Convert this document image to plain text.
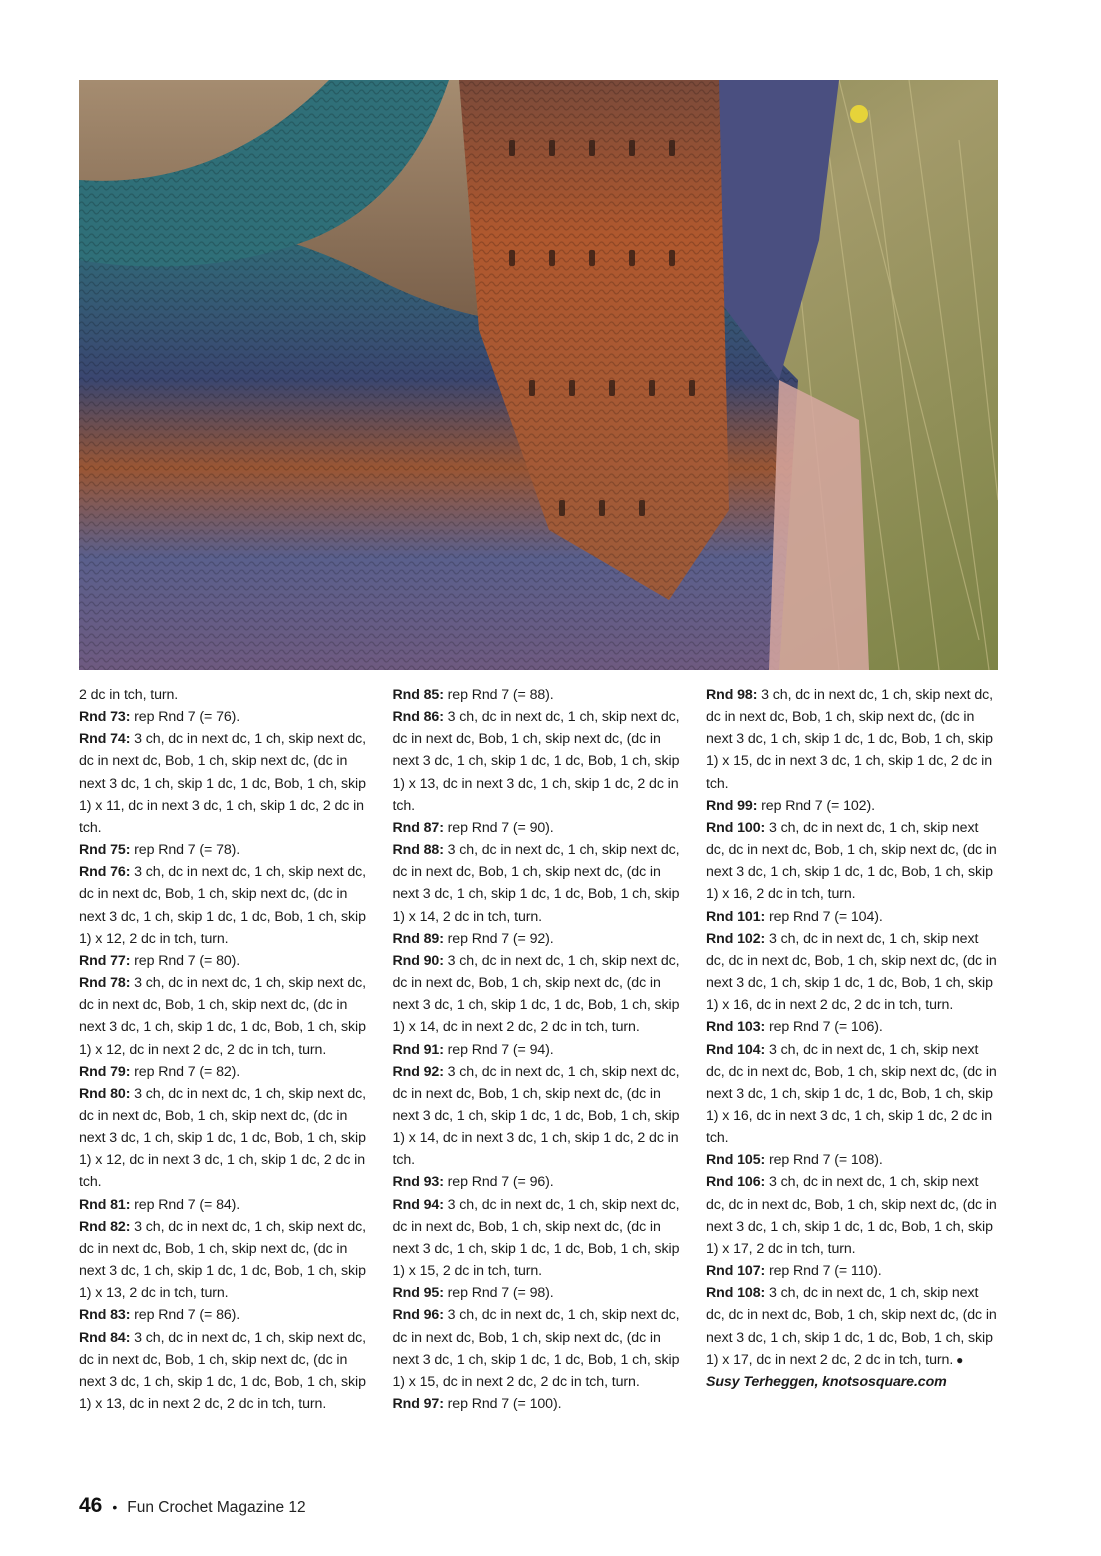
2 dc in tch, turn.

Rnd 73: rep Rnd 7 (= 76).

Rnd 74: 3 ch, dc in next dc, 1 ch, skip next dc, dc in next dc, Bob, 1 ch, skip next dc, (dc in next 3 dc, 1 ch, skip 1 dc, 1 dc, Bob, 1 ch, skip 1) x 11, dc in next 3 dc, 1 ch, skip 1 dc, 2 dc in tch.

Rnd 75: rep Rnd 7 (= 78).

Rnd 76: 3 ch, dc in next dc, 1 ch, skip next dc, dc in next dc, Bob, 1 ch, skip next dc, (dc in next 3 dc, 1 ch, skip 1 dc, 1 dc, Bob, 1 ch, skip 1) x 12, 2 dc in tch, turn.

Rnd 77: rep Rnd 7 (= 80).

Rnd 78: 3 ch, dc in next dc, 1 ch, skip next dc, dc in next dc, Bob, 1 ch, skip next dc, (dc in next 3 dc, 1 ch, skip 1 dc, 1 dc, Bob, 1 ch, skip 1) x 12, dc in next 2 dc, 2 dc in tch, turn.

Rnd 79: rep Rnd 7 (= 82).

Rnd 80: 3 ch, dc in next dc, 1 ch, skip next dc, dc in next dc, Bob, 1 ch, skip next dc, (dc in next 3 dc, 1 ch, skip 1 dc, 1 dc, Bob, 1 ch, skip 1) x 12, dc in next 3 dc, 1 ch, skip 1 dc, 2 dc in tch.

Rnd 81: rep Rnd 7 (= 84).

Rnd 82: 3 ch, dc in next dc, 1 ch, skip next dc, dc in next dc, Bob, 1 ch, skip next dc, (dc in next 3 dc, 1 ch, skip 1 dc, 1 dc, Bob, 1 ch, skip 1) x 13, 2 dc in tch, turn.

Rnd 83: rep Rnd 7 (= 86).

Rnd 84: 3 ch, dc in next dc, 1 ch, skip next dc, dc in next dc, Bob, 1 ch, skip next dc, (dc in next 3 dc, 1 ch, skip 1 dc, 1 dc, Bob, 1 ch, skip 1) x 13, dc in next 2 dc, 2 dc in tch, turn.

Rnd 85: rep Rnd 7 (= 88).

Rnd 86: 3 ch, dc in next dc, 1 ch, skip next dc, dc in next dc, Bob, 1 ch, skip next dc, (dc in next 3 dc, 1 ch, skip 1 dc, 1 dc, Bob, 1 ch, skip 1) x 13, dc in next 3 dc, 1 ch, skip 1 dc, 2 dc in tch.

Rnd 87: rep Rnd 7 (= 90).

Rnd 88: 3 ch, dc in next dc, 1 ch, skip next dc, dc in next dc, Bob, 1 ch, skip next dc, (dc in next 3 dc, 1 ch, skip 1 dc, 1 dc, Bob, 1 ch, skip 1) x 14, 2 dc in tch, turn.

Rnd 89: rep Rnd 7 (= 92).

Rnd 90: 3 ch, dc in next dc, 1 ch, skip next dc, dc in next dc, Bob, 1 ch, skip next dc, (dc in next 3 dc, 1 ch, skip 1 dc, 1 dc, Bob, 1 ch, skip 1) x 14, dc in next 2 dc, 2 dc in tch, turn.

Rnd 91: rep Rnd 7 (= 94).

Rnd 92: 3 ch, dc in next dc, 1 ch, skip next dc, dc in next dc, Bob, 1 ch, skip next dc, (dc in next 3 dc, 1 ch, skip 1 dc, 1 dc, Bob, 1 ch, skip 1) x 14, dc in next 3 dc, 1 ch, skip 1 dc, 2 dc in tch.

Rnd 93: rep Rnd 7 (= 96).

Rnd 94: 3 ch, dc in next dc, 1 ch, skip next dc, dc in next dc, Bob, 1 ch, skip next dc, (dc in next 3 dc, 1 ch, skip 1 dc, 1 dc, Bob, 1 ch, skip 1) x 15, 2 dc in tch, turn.

Rnd 95: rep Rnd 7 (= 98).

Rnd 96: 3 ch, dc in next dc, 1 ch, skip next dc, dc in next dc, Bob, 1 ch, skip next dc, (dc in next 3 dc, 1 ch, skip 1 dc, 1 dc, Bob, 1 ch, skip 1) x 15, dc in next 2 dc, 2 dc in tch, turn.

Rnd 97: rep Rnd 7 (= 100).

Rnd 98: 3 ch, dc in next dc, 1 ch, skip next dc, dc in next dc, Bob, 1 ch, skip next dc, (dc in next 3 dc, 1 ch, skip 1 dc, 1 dc, Bob, 1 ch, skip 1) x 15, dc in next 3 dc, 1 ch, skip 1 dc, 2 dc in tch.

Rnd 99: rep Rnd 7 (= 102).

Rnd 100: 3 ch, dc in next dc, 1 ch, skip next dc, dc in next dc, Bob, 1 ch, skip next dc, (dc in next 3 dc, 1 ch, skip 1 dc, 1 dc, Bob, 1 ch, skip 1) x 16, 2 dc in tch, turn.

Rnd 101: rep Rnd 7 (= 104).

Rnd 102: 3 ch, dc in next dc, 1 ch, skip next dc, dc in next dc, Bob, 1 ch, skip next dc, (dc in next 3 dc, 1 ch, skip 1 dc, 1 dc, Bob, 1 ch, skip 1) x 16, dc in next 2 dc, 2 dc in tch, turn.

Rnd 103: rep Rnd 7 (= 106).

Rnd 104: 3 ch, dc in next dc, 1 ch, skip next dc, dc in next dc, Bob, 1 ch, skip next dc, (dc in next 3 dc, 1 ch, skip 1 dc, 1 dc, Bob, 1 ch, skip 1) x 16, dc in next 3 dc, 1 ch, skip 1 dc, 2 dc in tch.

Rnd 105: rep Rnd 7 (= 108).

Rnd 106: 3 ch, dc in next dc, 1 ch, skip next dc, dc in next dc, Bob, 1 ch, skip next dc, (dc in next 3 dc, 1 ch, skip 1 dc, 1 dc, Bob, 1 ch, skip 1) x 17, 2 dc in tch, turn.

Rnd 107: rep Rnd 7 (= 110).

Rnd 108: 3 ch, dc in next dc, 1 ch, skip next dc, dc in next dc, Bob, 1 ch, skip next dc, (dc in next 3 dc, 1 ch, skip 1 dc, 1 dc, Bob, 1 ch, skip 1) x 17, dc in next 2 dc, 2 dc in tch, turn. ●

Susy Terheggen, knotsosquare.com

46 • Fun Crochet Magazine 12
